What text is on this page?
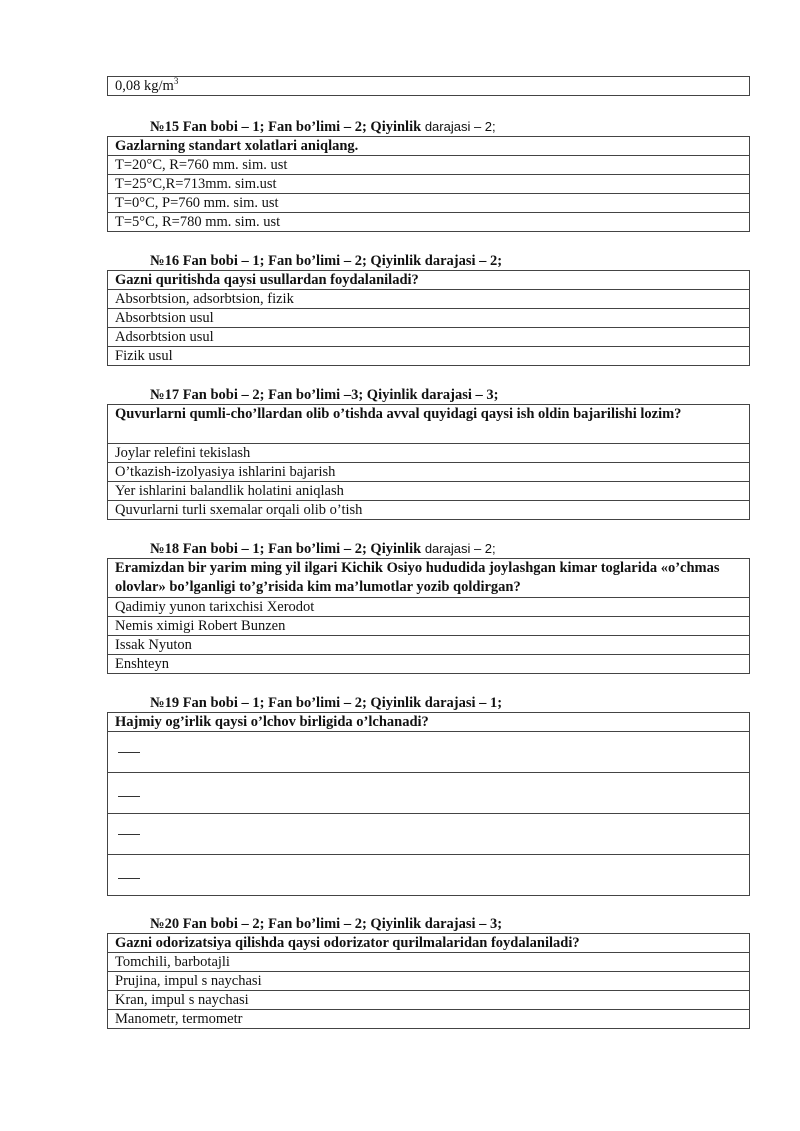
0,08 $kg/m^3$
№15 Fan bobi – 1; Fan bo’limi – 2; Qiyinlik darajasi – 2;
Gazlarning standart xolatlari aniqlang.
T=20°C, R=760 mm. sim. ust
T=25°C,R=713mm. sim.ust
T=0°C, P=760 mm. sim. ust
T=5°C, R=780 mm. sim. ust
№16 Fan bobi – 1; Fan bo’limi – 2; Qiyinlik darajasi – 2;
Gazni quritishda qaysi usullardan foydalaniladi?
Absorbtsion, adsorbtsion, fizik
Absorbtsion usul
Adsorbtsion usul
Fizik usul
№17 Fan bobi – 2; Fan bo’limi –3; Qiyinlik darajasi – 3;
Quvurlarni qumli-cho’llardan olib o’tishda avval quyidagi qaysi ish oldin bajarilishi lozim?
Joylar relefini tekislash
O’tkazish-izolyasiya ishlarini bajarish
Yer ishlarini balandlik holatini aniqlash
Quvurlarni turli sxemalar orqali olib o’tish
№18 Fan bobi – 1; Fan bo’limi – 2; Qiyinlik darajasi – 2;
Eramizdan bir yarim ming yil ilgari Kichik Osiyo hududida joylashgan kimar toglarida «o’chmas olovlar» bo’lganligi to’g’risida kim ma’lumotlar yozib qoldirgan?
Qadimiy yunon tarixchisi Xerodot
Nemis ximigi Robert Bunzen
Issak Nyuton
Enshteyn
№19 Fan bobi – 1; Fan bo’limi – 2; Qiyinlik darajasi – 1;
Hajmiy og’irlik qaysi o’lchov birligida o’lchanadi?

№20 Fan bobi – 2; Fan bo’limi – 2; Qiyinlik darajasi – 3;
Gazni odorizatsiya qilishda qaysi odorizator qurilmalaridan foydalaniladi?
Tomchili, barbotajli
Prujina, impul s naychasi
Kran, impul s naychasi
Manometr, termometr
